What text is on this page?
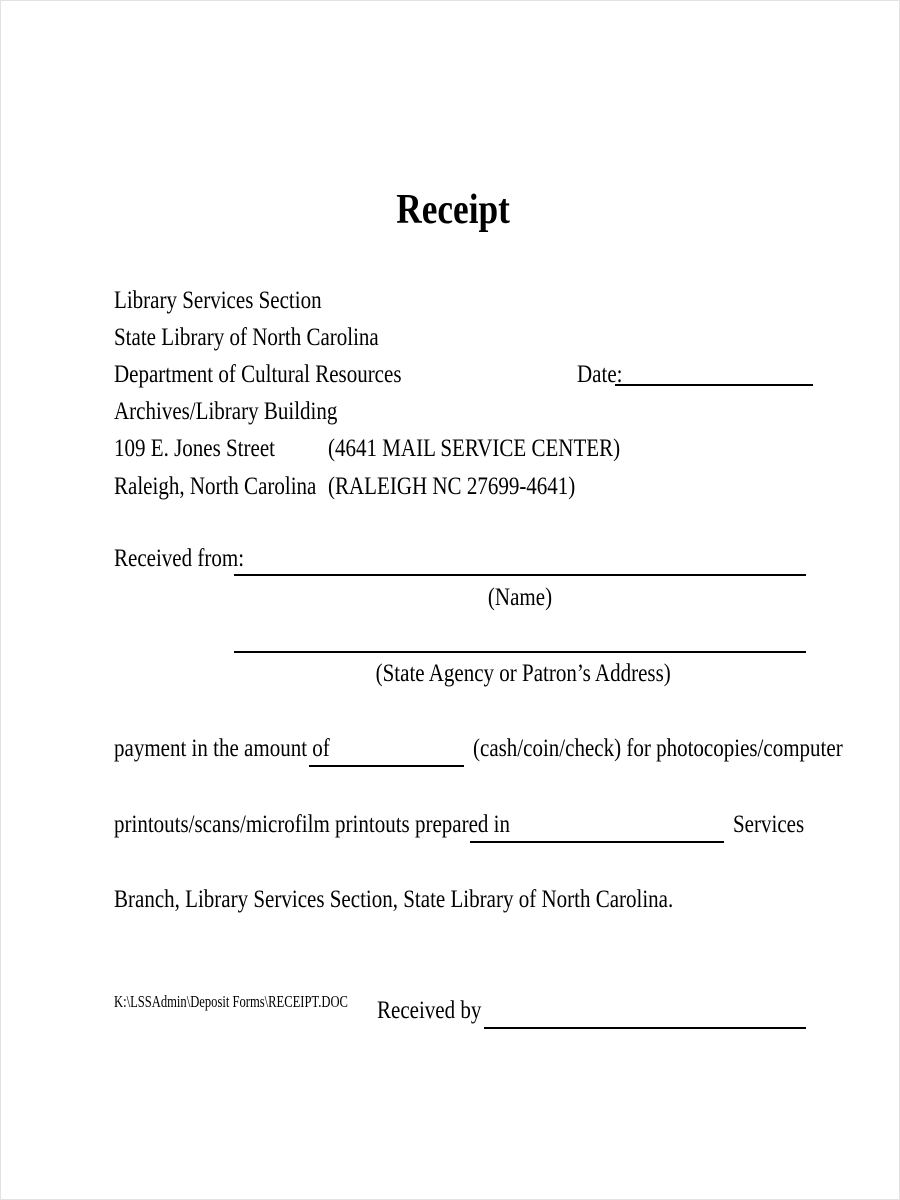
Receipt
Library Services Section
State Library of North Carolina
Department of Cultural Resources
Archives/Library Building
109 E. Jones Street
Raleigh, North Carolina
(4641 MAIL SERVICE CENTER)
(RALEIGH NC 27699-4641)
Date:
Received from:
(Name)
(State Agency or Patron’s Address)
payment in the amount of	(cash/coin/check) for photocopies/computer
printouts/scans/microfilm printouts prepared in	Services
Branch, Library Services Section, State Library of North Carolina.
K:\LSSAdmin\Deposit Forms\RECEIPT.DOC Received by
